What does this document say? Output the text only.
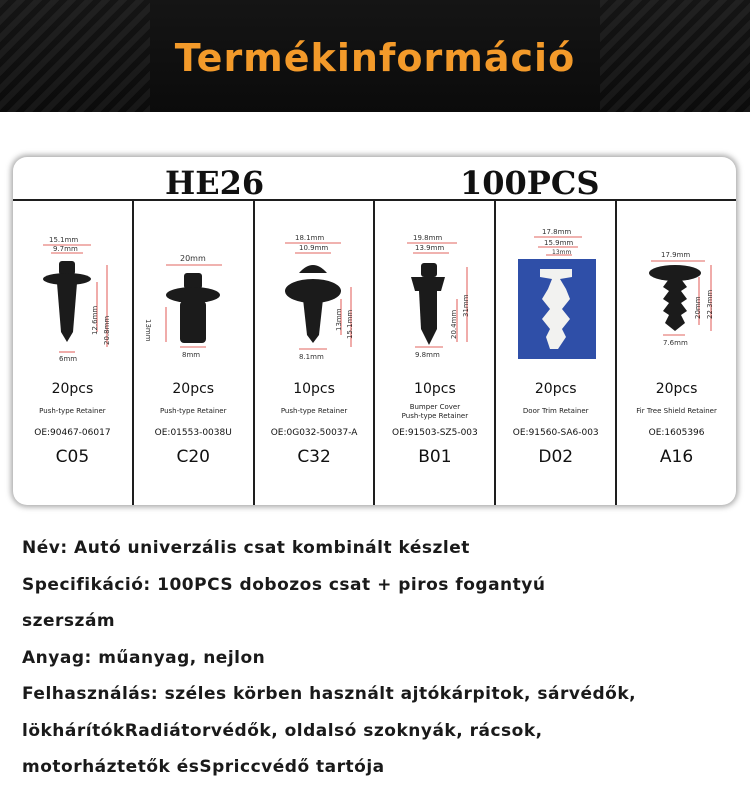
Termékinformáció
HE26	100PCS
15.1mm
9.7mm
12.6mm 20.8mm
6mm
20pcs
Push-type Retainer
OE:90467-06017
C05
20mm
13mm
8mm
20pcs
Push-type Retainer
OE:01553-0038U
C20
18.1mm
10.9mm
13mm 15.1mm
8.1mm
10pcs
Push-type Retainer
OE:0G032-50037-A
C32
19.8mm
13.9mm
20.4mm
31mm
9.8mm
10pcs
Bumper Cover
Push-type Retainer
OE:91503-SZ5-003
B01
17.8mm
15.9mm
13mm
20pcs
Door Trim Retainer
OE:91560-SA6-003
D02
17.9mm
20mm 22.3mm
7.6mm
20pcs
Fir Tree Shield Retainer
OE:1605396
A16
Név: Autó univerzális csat kombinált készlet
Specifikáció: 100PCS dobozos csat + piros fogantyú
szerszám
Anyag: műanyag, nejlon
Felhasználás: széles körben használt ajtókárpitok, sárvédők,
lökhárítókRadiátorvédők, oldalsó szoknyák, rácsok,
motorháztetők ésSpriccvédő tartója
